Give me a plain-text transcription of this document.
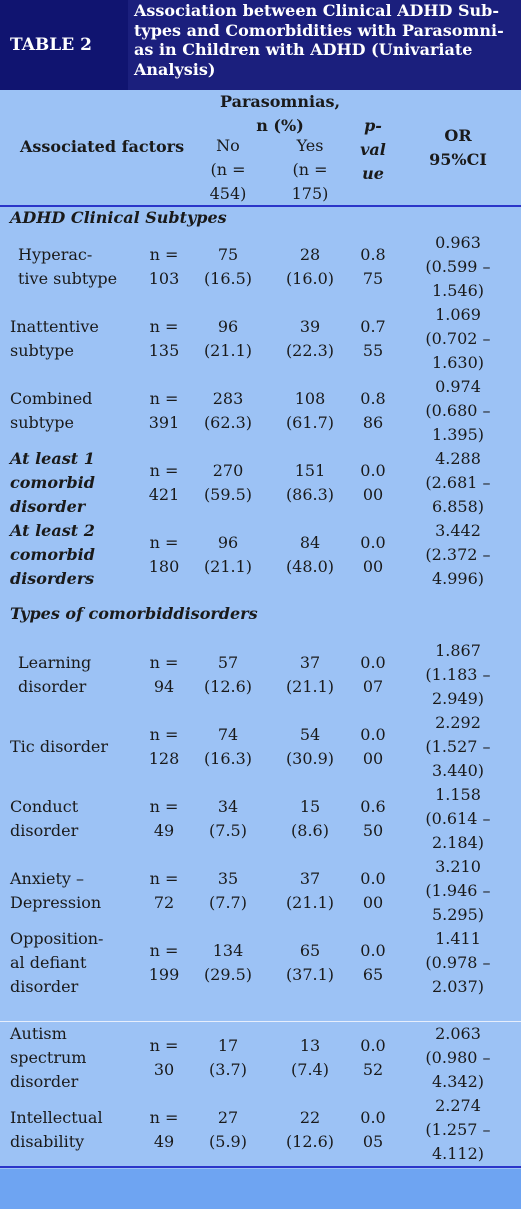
TABLE 2
Association between Clinical ADHD Sub-
types and Comorbidities with Parasomni-
as in Children with ADHD (Univariate
Analysis)
Associated factors
Parasomnias,
n (%)
No
(n =
454)
Yes
(n =
175)
p-
val
ue
OR
95%CI
ADHD Clinical Subtypes
Types of comorbiddisorders
Hyperac-
tive subtype
n =
103
75
(16.5)
28
(16.0)
0.8
75
0.963
(0.599 –
1.546)
Inattentive
subtype
n =
135
96
(21.1)
39
(22.3)
0.7
55
1.069
(0.702 –
1.630)
Combined
subtype
n =
391
283
(62.3)
108
(61.7)
0.8
86
0.974
(0.680 –
1.395)
At least 1
comorbid
disorder
n =
421
270
(59.5)
151
(86.3)
0.0
00
4.288
(2.681 –
6.858)
At least 2
comorbid
disorders
n =
180
96
(21.1)
84
(48.0)
0.0
00
3.442
(2.372 –
4.996)
Learning
disorder
n =
94
57
(12.6)
37
(21.1)
0.0
07
1.867
(1.183 –
2.949)
Tic disorder
n =
128
74
(16.3)
54
(30.9)
0.0
00
2.292
(1.527 –
3.440)
Conduct
disorder
n =
49
34
(7.5)
15
(8.6)
0.6
50
1.158
(0.614 –
2.184)
Anxiety –
Depression
n =
72
35
(7.7)
37
(21.1)
0.0
00
3.210
(1.946 –
5.295)
Opposition-
al defiant
disorder
n =
199
134
(29.5)
65
(37.1)
0.0
65
1.411
(0.978 –
2.037)
Autism
spectrum
disorder
n =
30
17
(3.7)
13
(7.4)
0.0
52
2.063
(0.980 –
4.342)
Intellectual
disability
n =
49
27
(5.9)
22
(12.6)
0.0
05
2.274
(1.257 –
4.112)
